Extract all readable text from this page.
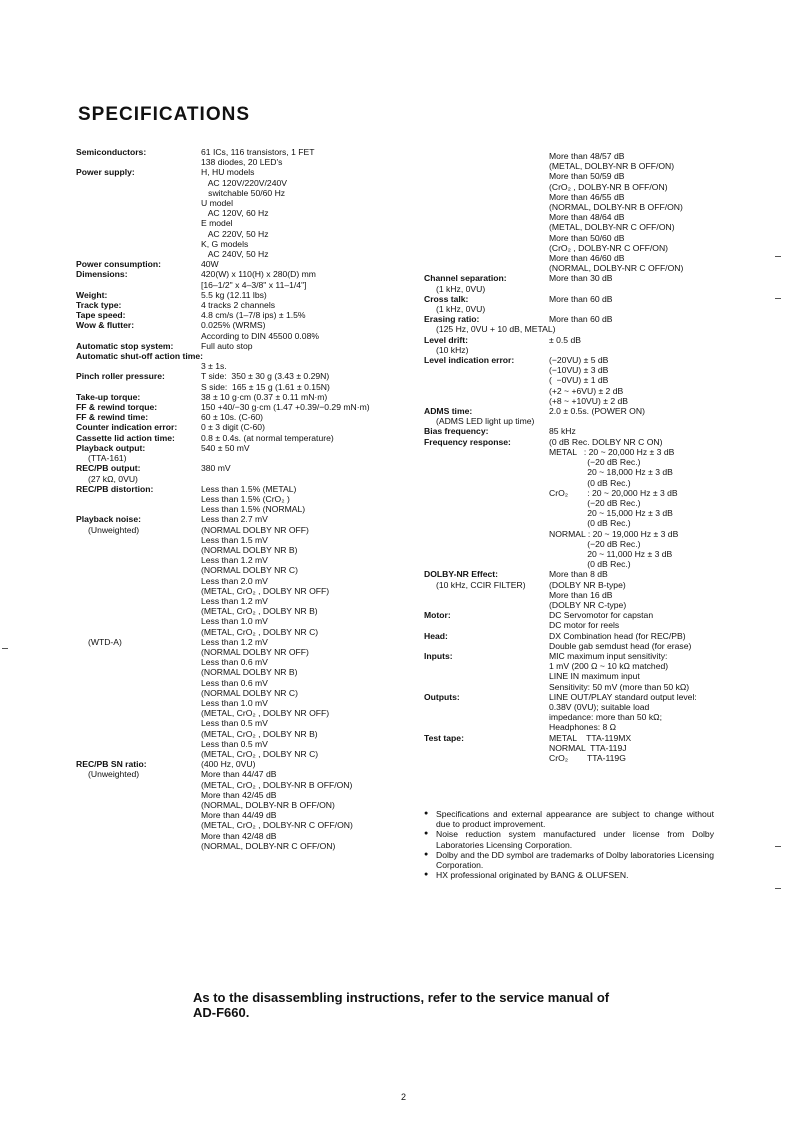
SPECIFICATIONS
Semiconductors:	61 ICs, 116 transistors, 1 FET
138 diodes, 20 LED's
Power supply:	H, HU models
AC 120V/220V/240V
switchable 50/60 Hz
U model
AC 120V, 60 Hz
E model
AC 220V, 50 Hz
K, G models
AC 240V, 50 Hz
Power consumption:	40W
Dimensions:	420(W) x 110(H) x 280(D) mm
[16–1/2" x 4–3/8" x 11–1/4"]
Weight:	5.5 kg (12.11 lbs)
Track type:	4 tracks 2 channels
Tape speed:	4.8 cm/s (1–7/8 ips) ± 1.5%
Wow & flutter:	0.025% (WRMS)
According to DIN 45500 0.08%
Automatic stop system:	Full auto stop
Automatic shut-off action time:
3 ± 1s.
Pinch roller pressure:	T side:  350 ± 30 g (3.43 ± 0.29N)
S side:  165 ± 15 g (1.61 ± 0.15N)
Take-up torque:	38 ± 10 g·cm (0.37 ± 0.11 mN·m)
FF & rewind torque:	150 +40/−30 g·cm (1.47 +0.39/−0.29 mN·m)
FF & rewind time:	60 ± 10s. (C-60)
Counter indication error:	0 ± 3 digit (C-60)
Cassette lid action time:	0.8 ± 0.4s. (at normal temperature)
Playback output:	540 ± 50 mV
(TTA-161)
REC/PB output:	380 mV
(27 kΩ, 0VU)
REC/PB distortion:	Less than 1.5% (METAL)
Less than 1.5% (CrO₂ )
Less than 1.5% (NORMAL)
Playback noise:	Less than 2.7 mV
(Unweighted)	(NORMAL DOLBY NR OFF)
Less than 1.5 mV
(NORMAL DOLBY NR B)
Less than 1.2 mV
(NORMAL DOLBY NR C)
Less than 2.0 mV
(METAL, CrO₂ , DOLBY NR OFF)
Less than 1.2 mV
(METAL, CrO₂ , DOLBY NR B)
Less than 1.0 mV
(METAL, CrO₂ , DOLBY NR C)
(WTD-A)	Less than 1.2 mV
(NORMAL DOLBY NR OFF)
Less than 0.6 mV
(NORMAL DOLBY NR B)
Less than 0.6 mV
(NORMAL DOLBY NR C)
Less than 1.0 mV
(METAL, CrO₂ , DOLBY NR OFF)
Less than 0.5 mV
(METAL, CrO₂ , DOLBY NR B)
Less than 0.5 mV
(METAL, CrO₂ , DOLBY NR C)
REC/PB SN ratio:	(400 Hz, 0VU)
(Unweighted)	More than 44/47 dB
(METAL, CrO₂ , DOLBY-NR B OFF/ON)
More than 42/45 dB
(NORMAL, DOLBY-NR B OFF/ON)
More than 44/49 dB
(METAL, CrO₂ , DOLBY-NR C OFF/ON)
More than 42/48 dB
(NORMAL, DOLBY-NR C OFF/ON)
More than 48/57 dB
(METAL, DOLBY-NR B OFF/ON)
More than 50/59 dB
(CrO₂ , DOLBY-NR B OFF/ON)
More than 46/55 dB
(NORMAL, DOLBY-NR B OFF/ON)
More than 48/64 dB
(METAL, DOLBY-NR C OFF/ON)
More than 50/60 dB
(CrO₂ , DOLBY-NR C OFF/ON)
More than 46/60 dB
(NORMAL, DOLBY-NR C OFF/ON)
Channel separation:	More than 30 dB
(1 kHz, 0VU)
Cross talk:	More than 60 dB
(1 kHz, 0VU)
Erasing ratio:	More than 60 dB
(125 Hz, 0VU + 10 dB, METAL)
Level drift:	± 0.5 dB
(10 kHz)
Level indication error:	(−20VU) ± 5 dB
(−10VU) ± 3 dB
(  −0VU) ± 1 dB
(+2 ~ +6VU) ± 2 dB
(+8 ~ +10VU) ± 2 dB
ADMS time:	2.0 ± 0.5s. (POWER ON)
(ADMS LED light up time)
Bias frequency:	85 kHz
Frequency response:	(0 dB Rec. DOLBY NR C ON)
METAL   : 20 ~ 20,000 Hz ± 3 dB
(−20 dB Rec.)
20 ~ 18,000 Hz ± 3 dB
(0 dB Rec.)
CrO₂        : 20 ~ 20,000 Hz ± 3 dB
(−20 dB Rec.)
20 ~ 15,000 Hz ± 3 dB
(0 dB Rec.)
NORMAL : 20 ~ 19,000 Hz ± 3 dB
(−20 dB Rec.)
20 ~ 11,000 Hz ± 3 dB
(0 dB Rec.)
DOLBY-NR Effect:	More than 8 dB
(10 kHz, CCIR FILTER)	(DOLBY NR B-type)
More than 16 dB
(DOLBY NR C-type)
Motor:	DC Servomotor for capstan
DC motor for reels
Head:	DX Combination head (for REC/PB)
Double gab semdust head (for erase)
Inputs:	MIC maximum input sensitivity:
1 mV (200 Ω ~ 10 kΩ matched)
LINE IN maximum input
Sensitivity: 50 mV (more than 50 kΩ)
Outputs:	LINE OUT/PLAY standard output level:
0.38V (0VU); suitable load
impedance: more than 50 kΩ;
Headphones: 8 Ω
Test tape:	METAL    TTA-119MX
NORMAL  TTA-119J
CrO₂        TTA-119G
● Specifications and external appearance are subject to change without due to product improvement.
● Noise reduction system manufactured under license from Dolby Laboratories Licensing Corporation.
● Dolby and the DD symbol are trademarks of Dolby laboratories Licensing Corporation.
● HX professional originated by BANG & OLUFSEN.

As to the disassembling instructions, refer to the service manual of AD-F660.

2
